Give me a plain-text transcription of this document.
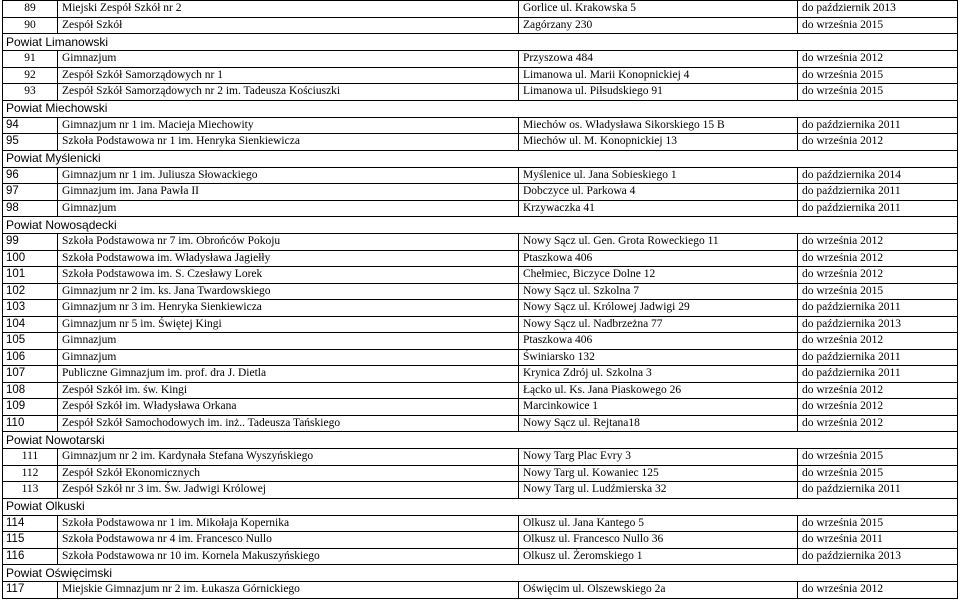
89	Miejski Zespół Szkół nr 2	Gorlice ul. Krakowska 5	do październik 2013
90	Zespół Szkół	Zagórzany 230	do września 2015
Powiat Limanowski			
91	Gimnazjum	Przyszowa 484	do września 2012
92	Zespół Szkół Samorządowych nr 1	Limanowa ul. Marii Konopnickiej 4	do września 2015
93	Zespół Szkół Samorządowych nr 2 im. Tadeusza Kościuszki	Limanowa ul. Piłsudskiego 91	do września 2015
Powiat Miechowski			
94	Gimnazjum nr 1 im. Macieja Miechowity	Miechów os. Władysława Sikorskiego 15 B	do października 2011
95	Szkoła Podstawowa nr 1 im. Henryka Sienkiewicza	Miechów ul. M. Konopnickiej 13	do września 2012
Powiat Myślenicki			
96	Gimnazjum nr 1 im. Juliusza Słowackiego	Myślenice ul. Jana Sobieskiego 1	do października 2014
97	Gimnazjum im. Jana Pawła II	Dobczyce ul. Parkowa 4	do października 2011
98	Gimnazjum	Krzywaczka 41	do października 2011
Powiat Nowosądecki			
99	Szkoła Podstawowa nr 7 im. Obrońców Pokoju	Nowy Sącz ul. Gen. Grota Roweckiego 11	do września 2012
100	Szkoła Podstawowa im. Władysława Jagiełły	Ptaszkowa 406	do września 2012
101	Szkoła Podstawowa im. S. Czesławy Lorek	Chełmiec, Biczyce Dolne 12	do września 2012
102	Gimnazjum nr 2 im. ks. Jana Twardowskiego	Nowy Sącz ul. Szkolna 7	do września 2015
103	Gimnazjum nr 3 im. Henryka Sienkiewicza	Nowy Sącz ul. Królowej Jadwigi 29	do października 2011
104	Gimnazjum nr 5 im. Świętej Kingi	Nowy Sącz ul. Nadbrzeżna 77	do października 2013
105	Gimnazjum	Ptaszkowa 406	do września 2012
106	Gimnazjum	Świniarsko 132	do października 2011
107	Publiczne Gimnazjum im. prof. dra J. Dietla	Krynica Zdrój ul. Szkolna 3	do października 2011
108	Zespół Szkół im. św. Kingi	Łącko ul. Ks. Jana Piaskowego 26	do września 2012
109	Zespół Szkół im. Władysława Orkana	Marcinkowice 1	do września 2012
110	Zespół Szkół Samochodowych im. inż.. Tadeusza Tańskiego	Nowy Sącz ul. Rejtana18	do września 2012
Powiat Nowotarski			
111	Gimnazjum nr 2 im. Kardynała Stefana Wyszyńskiego	Nowy Targ Plac Evry 3	do września 2015
112	Zespół Szkół Ekonomicznych	Nowy Targ ul. Kowaniec 125	do września 2015
113	Zespół Szkół nr 3 im. Św. Jadwigi Królowej	Nowy Targ ul. Ludźmierska 32	do października 2011
Powiat Olkuski			
114	Szkoła Podstawowa nr 1 im. Mikołaja Kopernika	Olkusz ul. Jana Kantego 5	do września 2015
115	Szkoła Podstawowa nr 4 im. Francesco Nullo	Olkusz ul. Francesco Nullo 36	do września 2011
116	Szkoła Podstawowa nr 10 im. Kornela Makuszyńskiego	Olkusz ul. Żeromskiego 1	do października 2013
Powiat Oświęcimski			
117	Miejskie Gimnazjum nr 2 im. Łukasza Górnickiego	Oświęcim ul. Olszewskiego 2a	do września 2012
